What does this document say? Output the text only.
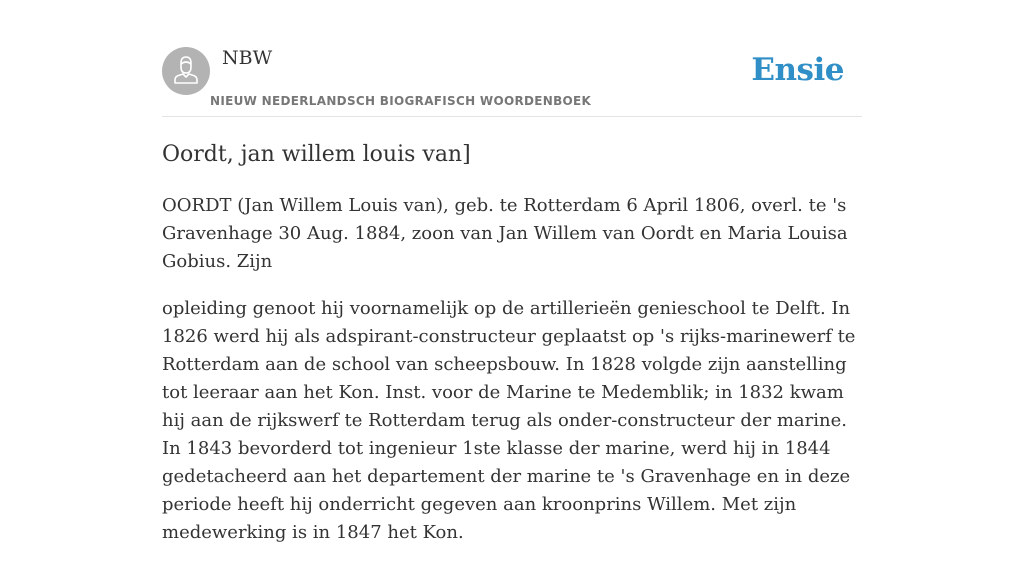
NBW
NIEUW NEDERLANDSCH BIOGRAFISCH WOORDENBOEK
Ensie
Oordt, jan willem louis van]

OORDT (Jan Willem Louis van), geb. te Rotterdam 6 April 1806, overl. te 's Gravenhage 30 Aug. 1884, zoon van Jan Willem van Oordt en Maria Louisa Gobius. Zijn

opleiding genoot hij voornamelijk op de artillerieën genieschool te Delft. In 1826 werd hij als adspirant-constructeur geplaatst op 's rijks-marinewerf te Rotterdam aan de school van scheepsbouw. In 1828 volgde zijn aanstelling tot leeraar aan het Kon. Inst. voor de Marine te Medemblik; in 1832 kwam hij aan de rijkswerf te Rotterdam terug als onder-constructeur der marine. In 1843 bevorderd tot ingenieur 1ste klasse der marine, werd hij in 1844 gedetacheerd aan het departement der marine te 's Gravenhage en in deze periode heeft hij onderricht gegeven aan kroonprins Willem. Met zijn medewerking is in 1847 het Kon.
